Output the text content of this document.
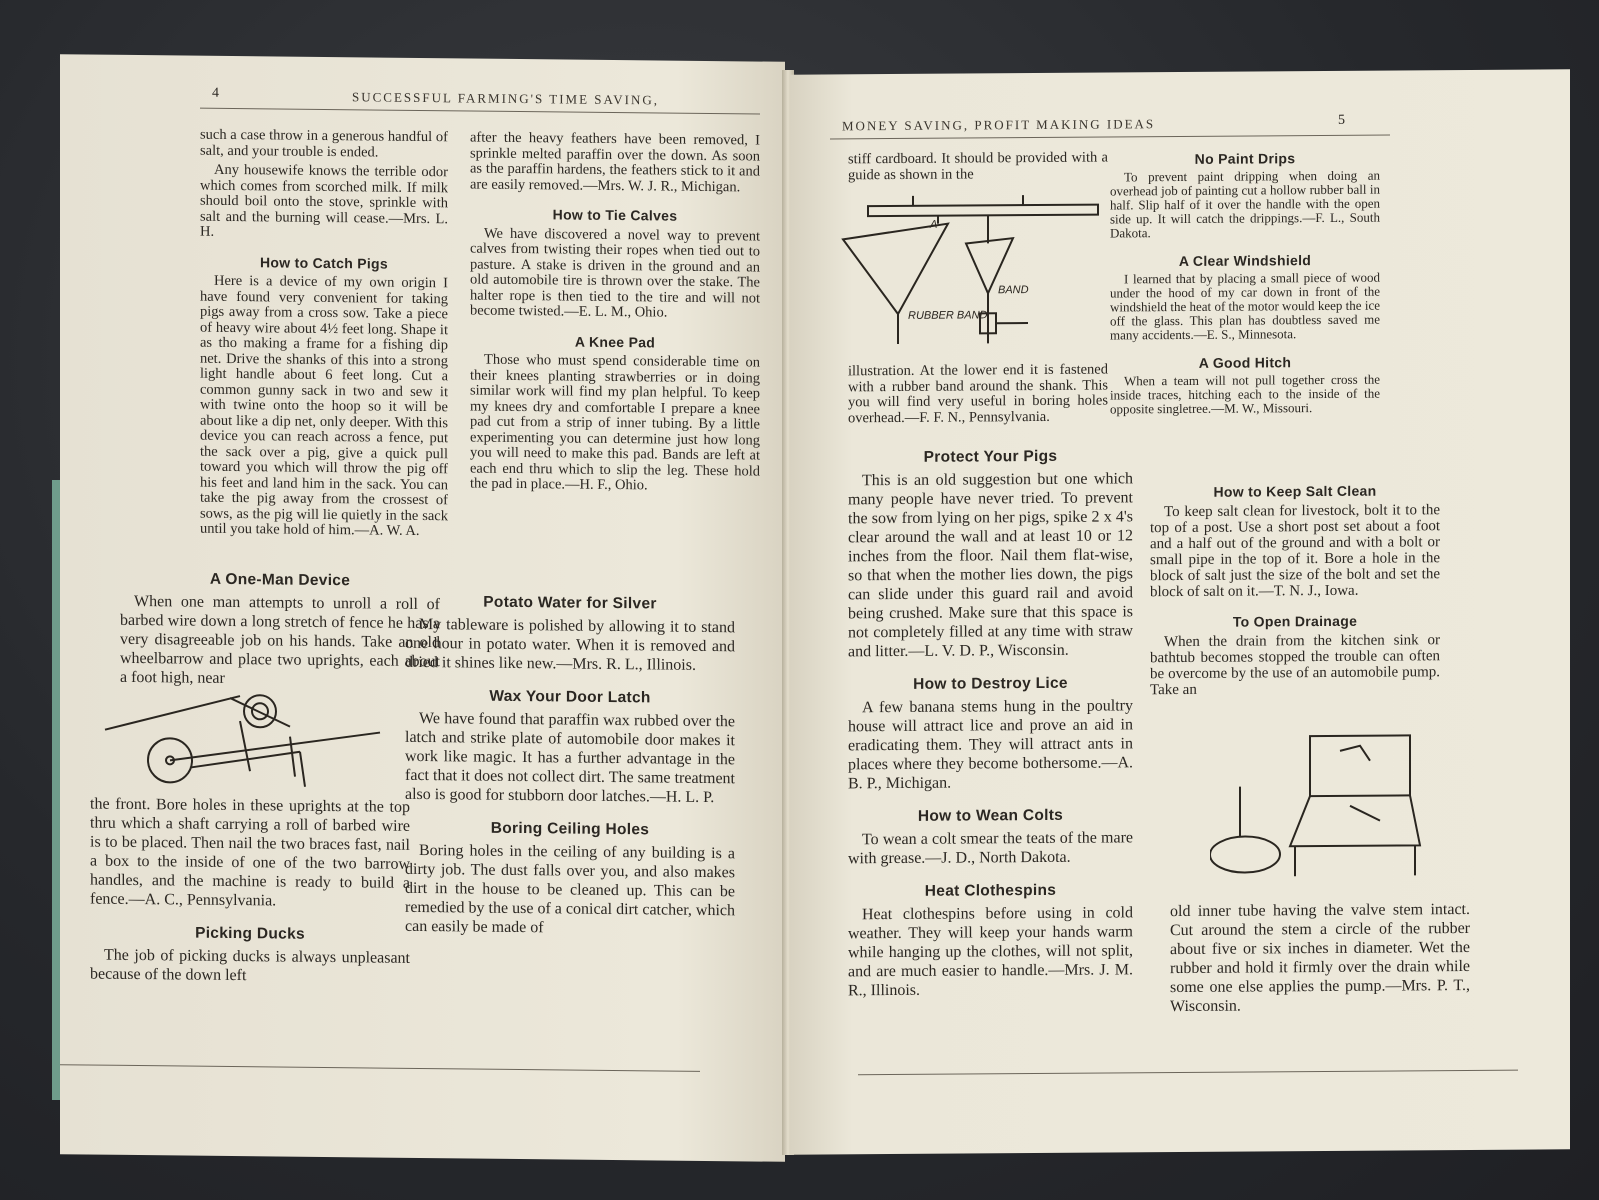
4	SUCCESSFUL FARMING'S TIME SAVING,

such a case throw in a generous handful of salt, and your trouble is ended.

Any housewife knows the terrible odor which comes from scorched milk. If milk should boil onto the stove, sprinkle with salt and the burning will cease.—Mrs. L. H.

How to Catch Pigs

Here is a device of my own origin I have found very convenient for taking pigs away from a cross sow. Take a piece of heavy wire about 4½ feet long. Shape it as tho making a frame for a fishing dip net. Drive the shanks of this into a strong light handle about 6 feet long. Cut a common gunny sack in two and sew it with twine onto the hoop so it will be about like a dip net, only deeper. With this device you can reach across a fence, put the sack over a pig, give a quick pull toward you which will throw the pig off his feet and land him in the sack. You can take the pig away from the crossest of sows, as the pig will lie quietly in the sack until you take hold of him.—A. W. A.

A One-Man Device

When one man attempts to unroll a roll of barbed wire down a long stretch of fence he has a very disagreeable job on his hands. Take an old wheelbarrow and place two uprights, each about a foot high, near

the front. Bore holes in these uprights at the top thru which a shaft carrying a roll of barbed wire is to be placed. Then nail the two braces fast, nail a box to the inside of one of the two barrow handles, and the machine is ready to build a fence.—A. C., Pennsylvania.

Picking Ducks

The job of picking ducks is always unpleasant because of the down left

after the heavy feathers have been removed, I sprinkle melted paraffin over the down. As soon as the paraffin hardens, the feathers stick to it and are easily removed.—Mrs. W. J. R., Michigan.

How to Tie Calves

We have discovered a novel way to prevent calves from twisting their ropes when tied out to pasture. A stake is driven in the ground and an old automobile tire is thrown over the stake. The halter rope is then tied to the tire and will not become twisted.—E. L. M., Ohio.

A Knee Pad

Those who must spend considerable time on their knees planting strawberries or in doing similar work will find my plan helpful. To keep my knees dry and comfortable I prepare a knee pad cut from a strip of inner tubing. By a little experimenting you can determine just how long you will need to make this pad. Bands are left at each end thru which to slip the leg. These hold the pad in place.—H. F., Ohio.

Potato Water for Silver

My tableware is polished by allowing it to stand one hour in potato water. When it is removed and dried it shines like new.—Mrs. R. L., Illinois.

Wax Your Door Latch

We have found that paraffin wax rubbed over the latch and strike plate of automobile door makes it work like magic. It has a further advantage in the fact that it does not collect dirt. The same treatment also is good for stubborn door latches.—H. L. P.

Boring Ceiling Holes

Boring holes in the ceiling of any building is a dirty job. The dust falls over you, and also makes dirt in the house to be cleaned up. This can be remedied by the use of a conical dirt catcher, which can easily be made of

MONEY SAVING, PROFIT MAKING IDEAS	5

stiff cardboard. It should be provided with a guide as shown in the

A
BAND
RUBBER BAND

illustration. At the lower end it is fastened with a rubber band around the shank. This you will find very useful in boring holes overhead.—F. F. N., Pennsylvania.

Protect Your Pigs

This is an old suggestion but one which many people have never tried. To prevent the sow from lying on her pigs, spike 2 x 4's clear around the wall and at least 10 or 12 inches from the floor. Nail them flat-wise, so that when the mother lies down, the pigs can slide under this guard rail and avoid being crushed. Make sure that this space is not completely filled at any time with straw and litter.—L. V. D. P., Wisconsin.

How to Destroy Lice

A few banana stems hung in the poultry house will attract lice and prove an aid in eradicating them. They will attract ants in places where they become bothersome.—A. B. P., Michigan.

How to Wean Colts

To wean a colt smear the teats of the mare with grease.—J. D., North Dakota.

Heat Clothespins

Heat clothespins before using in cold weather. They will keep your hands warm while hanging up the clothes, will not split, and are much easier to handle.—Mrs. J. M. R., Illinois.

No Paint Drips

To prevent paint dripping when doing an overhead job of painting cut a hollow rubber ball in half. Slip half of it over the handle with the open side up. It will catch the drippings.—F. L., South Dakota.

A Clear Windshield

I learned that by placing a small piece of wood under the hood of my car down in front of the windshield the heat of the motor would keep the ice off the glass. This plan has doubtless saved me many accidents.—E. S., Minnesota.

A Good Hitch

When a team will not pull together cross the inside traces, hitching each to the inside of the opposite singletree.—M. W., Missouri.

How to Keep Salt Clean

To keep salt clean for livestock, bolt it to the top of a post. Use a short post set about a foot and a half out of the ground and with a bolt or small pipe in the top of it. Bore a hole in the block of salt just the size of the bolt and set the block of salt on it.—T. N. J., Iowa.

To Open Drainage

When the drain from the kitchen sink or bathtub becomes stopped the trouble can often be overcome by the use of an automobile pump. Take an

old inner tube having the valve stem intact. Cut around the stem a circle of the rubber about five or six inches in diameter. Wet the rubber and hold it firmly over the drain while some one else applies the pump.—Mrs. P. T., Wisconsin.
